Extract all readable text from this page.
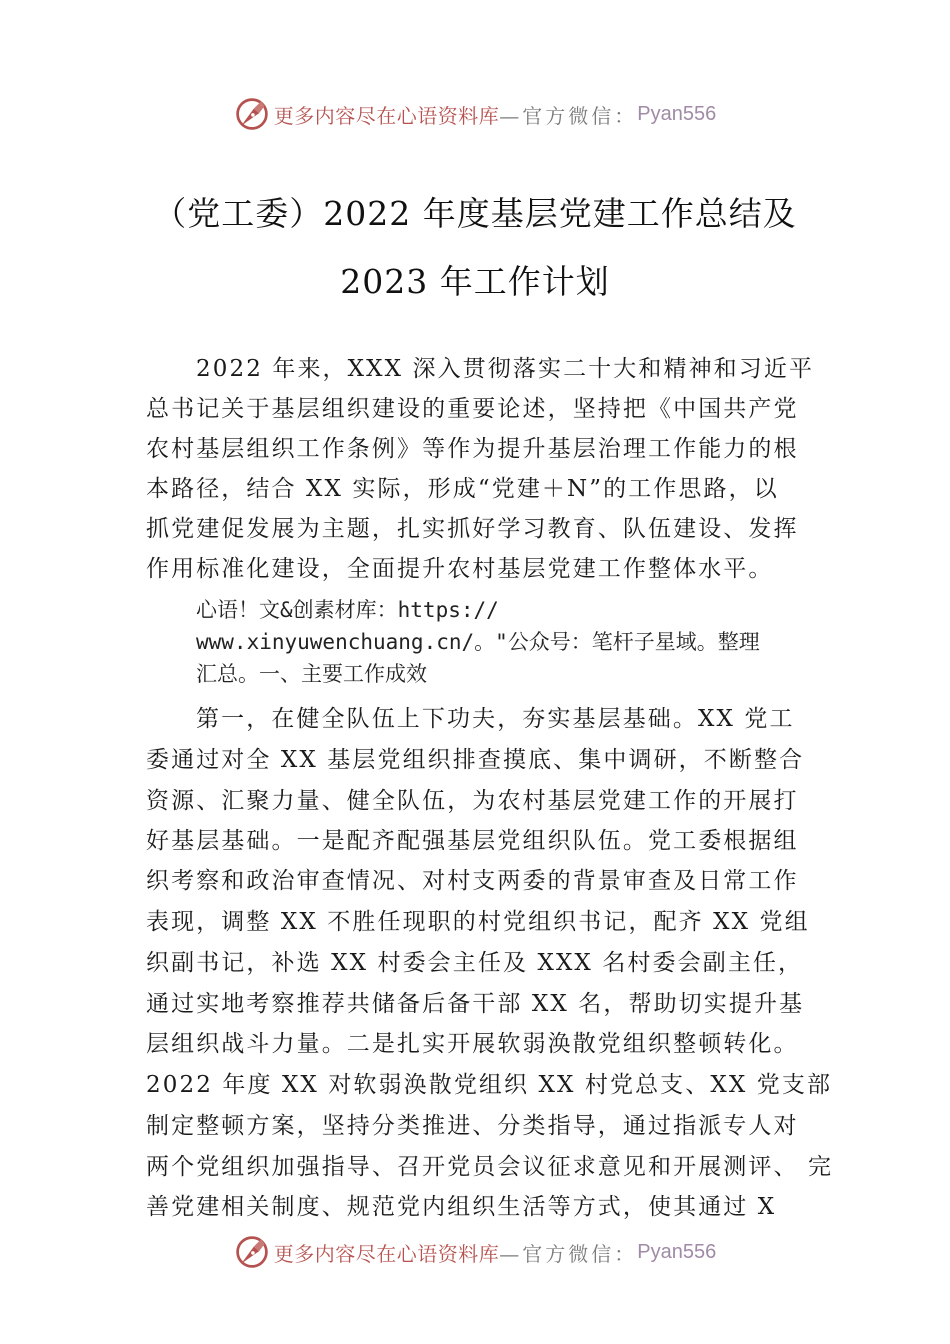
更多内容尽在心语资料库 —官方微信： Pyan556
（党工委）2022 年度基层党建工作总结及
2023 年工作计划
2022 年来，XXX 深入贯彻落实二十大和精神和习近平
总书记关于基层组织建设的重要论述，坚持把《中国共产党
农村基层组织工作条例》等作为提升基层治理工作能力的根
本路径，结合 XX 实际，形成“党建＋N”的工作思路，以
抓党建促发展为主题，扎实抓好学习教育、队伍建设、发挥
作用标准化建设，全面提升农村基层党建工作整体水平。
心语！文&创素材库：https://
www.xinyuwenchuang.cn/。"公众号：笔杆子星域。整理
汇总。一、主要工作成效
第一，在健全队伍上下功夫，夯实基层基础。XX 党工
委通过对全 XX 基层党组织排查摸底、集中调研，不断整合
资源、汇聚力量、健全队伍，为农村基层党建工作的开展打
好基层基础。一是配齐配强基层党组织队伍。党工委根据组
织考察和政治审查情况、对村支两委的背景审查及日常工作
表现，调整 XX 不胜任现职的村党组织书记，配齐 XX 党组
织副书记，补选 XX 村委会主任及 XXX 名村委会副主任，
通过实地考察推荐共储备后备干部 XX 名，帮助切实提升基
层组织战斗力量。二是扎实开展软弱涣散党组织整顿转化。
2022 年度 XX 对软弱涣散党组织 XX 村党总支、XX 党支部
制定整顿方案，坚持分类推进、分类指导，通过指派专人对
两个党组织加强指导、召开党员会议征求意见和开展测评、 完
善党建相关制度、规范党内组织生活等方式，使其通过 X
更多内容尽在心语资料库 —官方微信： Pyan556
